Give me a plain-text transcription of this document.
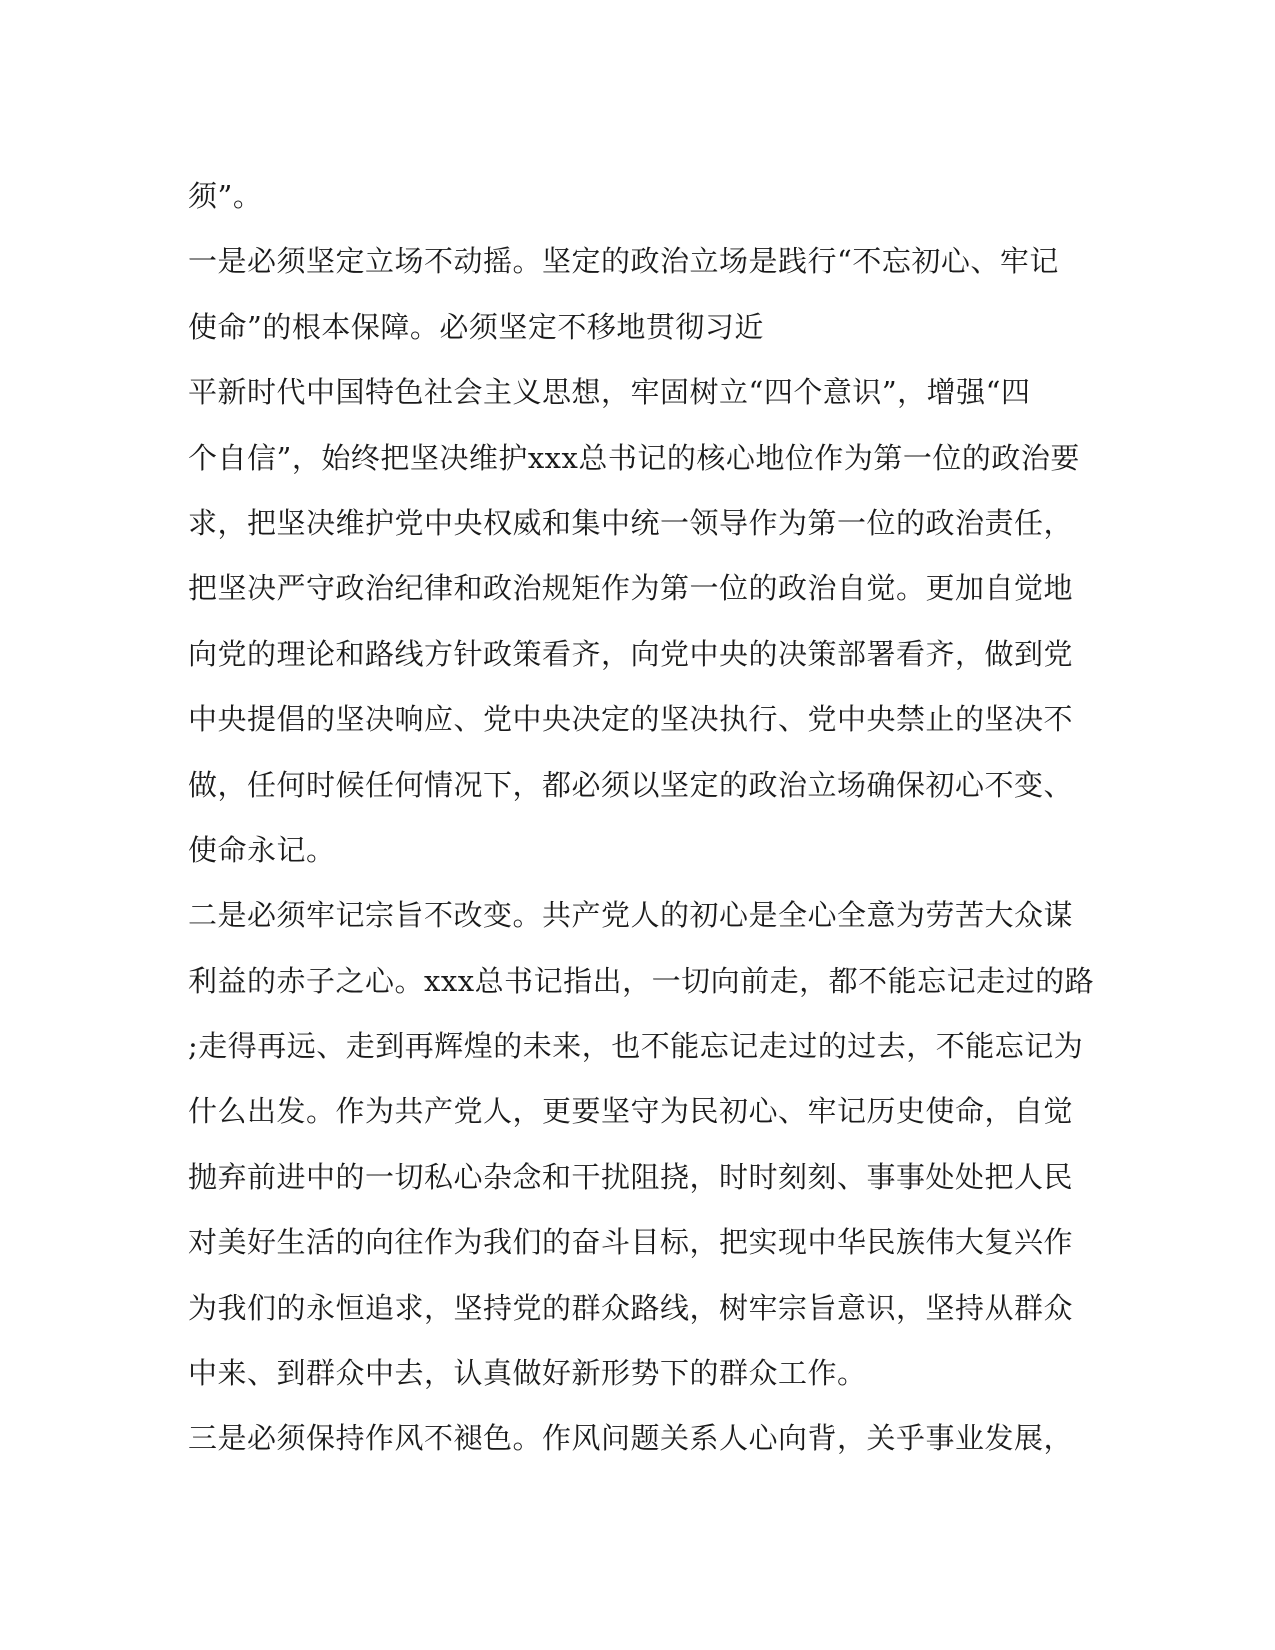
须”。
一是必须坚定立场不动摇。坚定的政治立场是践行“不忘初心、牢记
使命”的根本保障。必须坚定不移地贯彻习近
平新时代中国特色社会主义思想，牢固树立“四个意识”，增强“四
个自信”，始终把坚决维护xxx总书记的核心地位作为第一位的政治要
求，把坚决维护党中央权威和集中统一领导作为第一位的政治责任，
把坚决严守政治纪律和政治规矩作为第一位的政治自觉。更加自觉地
向党的理论和路线方针政策看齐，向党中央的决策部署看齐，做到党
中央提倡的坚决响应、党中央决定的坚决执行、党中央禁止的坚决不
做，任何时候任何情况下，都必须以坚定的政治立场确保初心不变、
使命永记。
二是必须牢记宗旨不改变。共产党人的初心是全心全意为劳苦大众谋
利益的赤子之心。xxx总书记指出，一切向前走，都不能忘记走过的路
;走得再远、走到再辉煌的未来，也不能忘记走过的过去，不能忘记为
什么出发。作为共产党人，更要坚守为民初心、牢记历史使命，自觉
抛弃前进中的一切私心杂念和干扰阻挠，时时刻刻、事事处处把人民
对美好生活的向往作为我们的奋斗目标，把实现中华民族伟大复兴作
为我们的永恒追求，坚持党的群众路线，树牢宗旨意识，坚持从群众
中来、到群众中去，认真做好新形势下的群众工作。
三是必须保持作风不褪色。作风问题关系人心向背，关乎事业发展，
